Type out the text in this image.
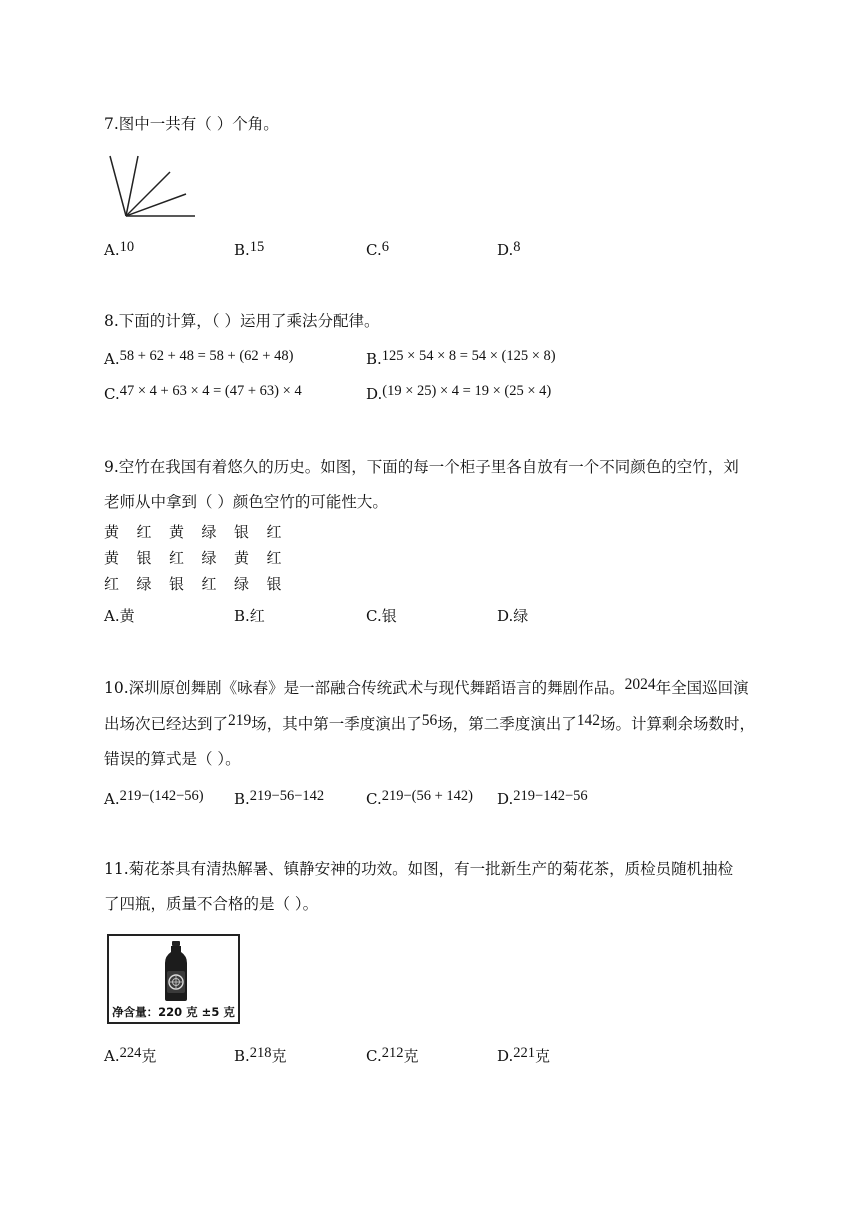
7.图中一共有（ ）个角。
A.10	B.15	C.6	D.8
8.下面的计算，（ ）运用了乘法分配律。
A.58 + 62 + 48 = 58 + (62 + 48)	B.125 × 54 × 8 = 54 × (125 × 8)
C.47 × 4 + 63 × 4 = (47 + 63) × 4	D.(19 × 25) × 4 = 19 × (25 × 4)
9.空竹在我国有着悠久的历史。如图，下面的每一个柜子里各自放有一个不同颜色的空竹，刘
老师从中拿到（ ）颜色空竹的可能性大。
黄 红 黄 绿 银 红
黄 银 红 绿 黄 红
红 绿 银 红 绿 银
A.黄	B.红	C.银	D.绿
10.深圳原创舞剧《咏春》是一部融合传统武术与现代舞蹈语言的舞剧作品。2024年全国巡回演
出场次已经达到了219场，其中第一季度演出了56场，第二季度演出了142场。计算剩余场数时，
错误的算式是（ ）。
A.219−(142−56) B.219−56−142	C.219−(56 + 142) D.219−142−56
11.菊花茶具有清热解暑、镇静安神的功效。如图，有一批新生产的菊花茶，质检员随机抽检
了四瓶，质量不合格的是（ ）。
净含量：220 克 ±5 克
A.224克	B.218克	C.212克	D.221克
